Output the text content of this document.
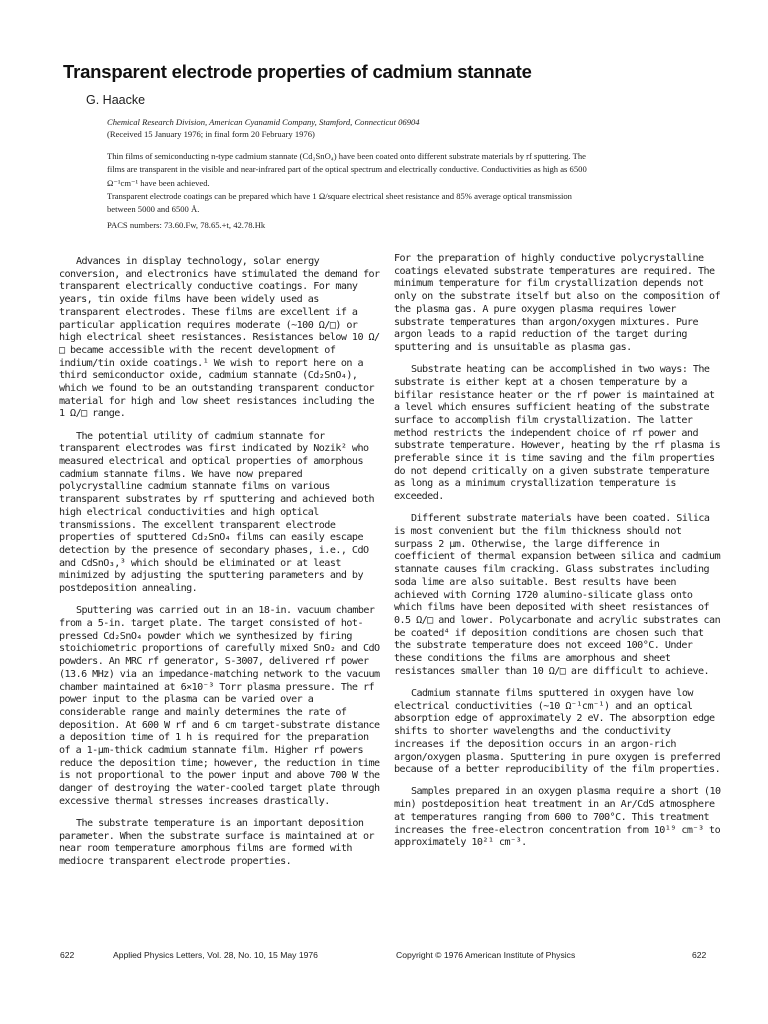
Transparent electrode properties of cadmium stannate
G. Haacke
Chemical Research Division, American Cyanamid Company, Stamford, Connecticut 06904
(Received 15 January 1976; in final form 20 February 1976)

Thin films of semiconducting n-type cadmium stannate (Cd₂SnO₄) have been coated onto different substrate materials by rf sputtering. The films are transparent in the visible and near-infrared part of the optical spectrum and electrically conductive. Conductivities as high as 6500 Ω⁻¹cm⁻¹ have been achieved.

Transparent electrode coatings can be prepared which have 1 Ω/square electrical sheet resistance and 85% average optical transmission between 5000 and 6500 Å.

PACS numbers: 73.60.Fw, 78.65.+t, 42.78.Hk

Advances in display technology, solar energy conversion, and electronics have stimulated the demand for transparent electrically conductive coatings. For many years, tin oxide films have been widely used as transparent electrodes. These films are excellent if a particular application requires moderate (~100 Ω/□) or high electrical sheet resistances. Resistances below 10 Ω/□ became accessible with the recent development of indium/tin oxide coatings.¹ We wish to report here on a third semiconductor oxide, cadmium stannate (Cd₂SnO₄), which we found to be an outstanding transparent conductor material for high and low sheet resistances including the 1 Ω/□ range.

The potential utility of cadmium stannate for transparent electrodes was first indicated by Nozik² who measured electrical and optical properties of amorphous cadmium stannate films. We have now prepared polycrystalline cadmium stannate films on various transparent substrates by rf sputtering and achieved both high electrical conductivities and high optical transmissions. The excellent transparent electrode properties of sputtered Cd₂SnO₄ films can easily escape detection by the presence of secondary phases, i.e., CdO and CdSnO₃,³ which should be eliminated or at least minimized by adjusting the sputtering parameters and by postdeposition annealing.

Sputtering was carried out in an 18-in. vacuum chamber from a 5-in. target plate. The target consisted of hot-pressed Cd₂SnO₄ powder which we synthesized by firing stoichiometric proportions of carefully mixed SnO₂ and CdO powders. An MRC rf generator, S-3007, delivered rf power (13.6 MHz) via an impedance-matching network to the vacuum chamber maintained at 6×10⁻³ Torr plasma pressure. The rf power input to the plasma can be varied over a considerable range and mainly determines the rate of deposition. At 600 W rf and 6 cm target-substrate distance a deposition time of 1 h is required for the preparation of a 1-μm-thick cadmium stannate film. Higher rf powers reduce the deposition time; however, the reduction in time is not proportional to the power input and above 700 W the danger of destroying the water-cooled target plate through excessive thermal stresses increases drastically.

The substrate temperature is an important deposition parameter. When the substrate surface is maintained at or near room temperature amorphous films are formed with mediocre transparent electrode properties.

For the preparation of highly conductive polycrystalline coatings elevated substrate temperatures are required. The minimum temperature for film crystallization depends not only on the substrate itself but also on the composition of the plasma gas. A pure oxygen plasma requires lower substrate temperatures than argon/oxygen mixtures. Pure argon leads to a rapid reduction of the target during sputtering and is unsuitable as plasma gas.

Substrate heating can be accomplished in two ways: The substrate is either kept at a chosen temperature by a bifilar resistance heater or the rf power is maintained at a level which ensures sufficient heating of the substrate surface to accomplish film crystallization. The latter method restricts the independent choice of rf power and substrate temperature. However, heating by the rf plasma is preferable since it is time saving and the film properties do not depend critically on a given substrate temperature as long as a minimum crystallization temperature is exceeded.

Different substrate materials have been coated. Silica is most convenient but the film thickness should not surpass 2 μm. Otherwise, the large difference in coefficient of thermal expansion between silica and cadmium stannate causes film cracking. Glass substrates including soda lime are also suitable. Best results have been achieved with Corning 1720 alumino-silicate glass onto which films have been deposited with sheet resistances of 0.5 Ω/□ and lower. Polycarbonate and acrylic substrates can be coated⁴ if deposition conditions are chosen such that the substrate temperature does not exceed 100°C. Under these conditions the films are amorphous and sheet resistances smaller than 10 Ω/□ are difficult to achieve.

Cadmium stannate films sputtered in oxygen have low electrical conductivities (~10 Ω⁻¹cm⁻¹) and an optical absorption edge of approximately 2 eV. The absorption edge shifts to shorter wavelengths and the conductivity increases if the deposition occurs in an argon-rich argon/oxygen plasma. Sputtering in pure oxygen is preferred because of a better reproducibility of the film properties.

Samples prepared in an oxygen plasma require a short (10 min) postdeposition heat treatment in an Ar/CdS atmosphere at temperatures ranging from 600 to 700°C. This treatment increases the free-electron concentration from 10¹⁹ cm⁻³ to approximately 10²¹ cm⁻³.

622	Applied Physics Letters, Vol. 28, No. 10, 15 May 1976	Copyright © 1976 American Institute of Physics	622
